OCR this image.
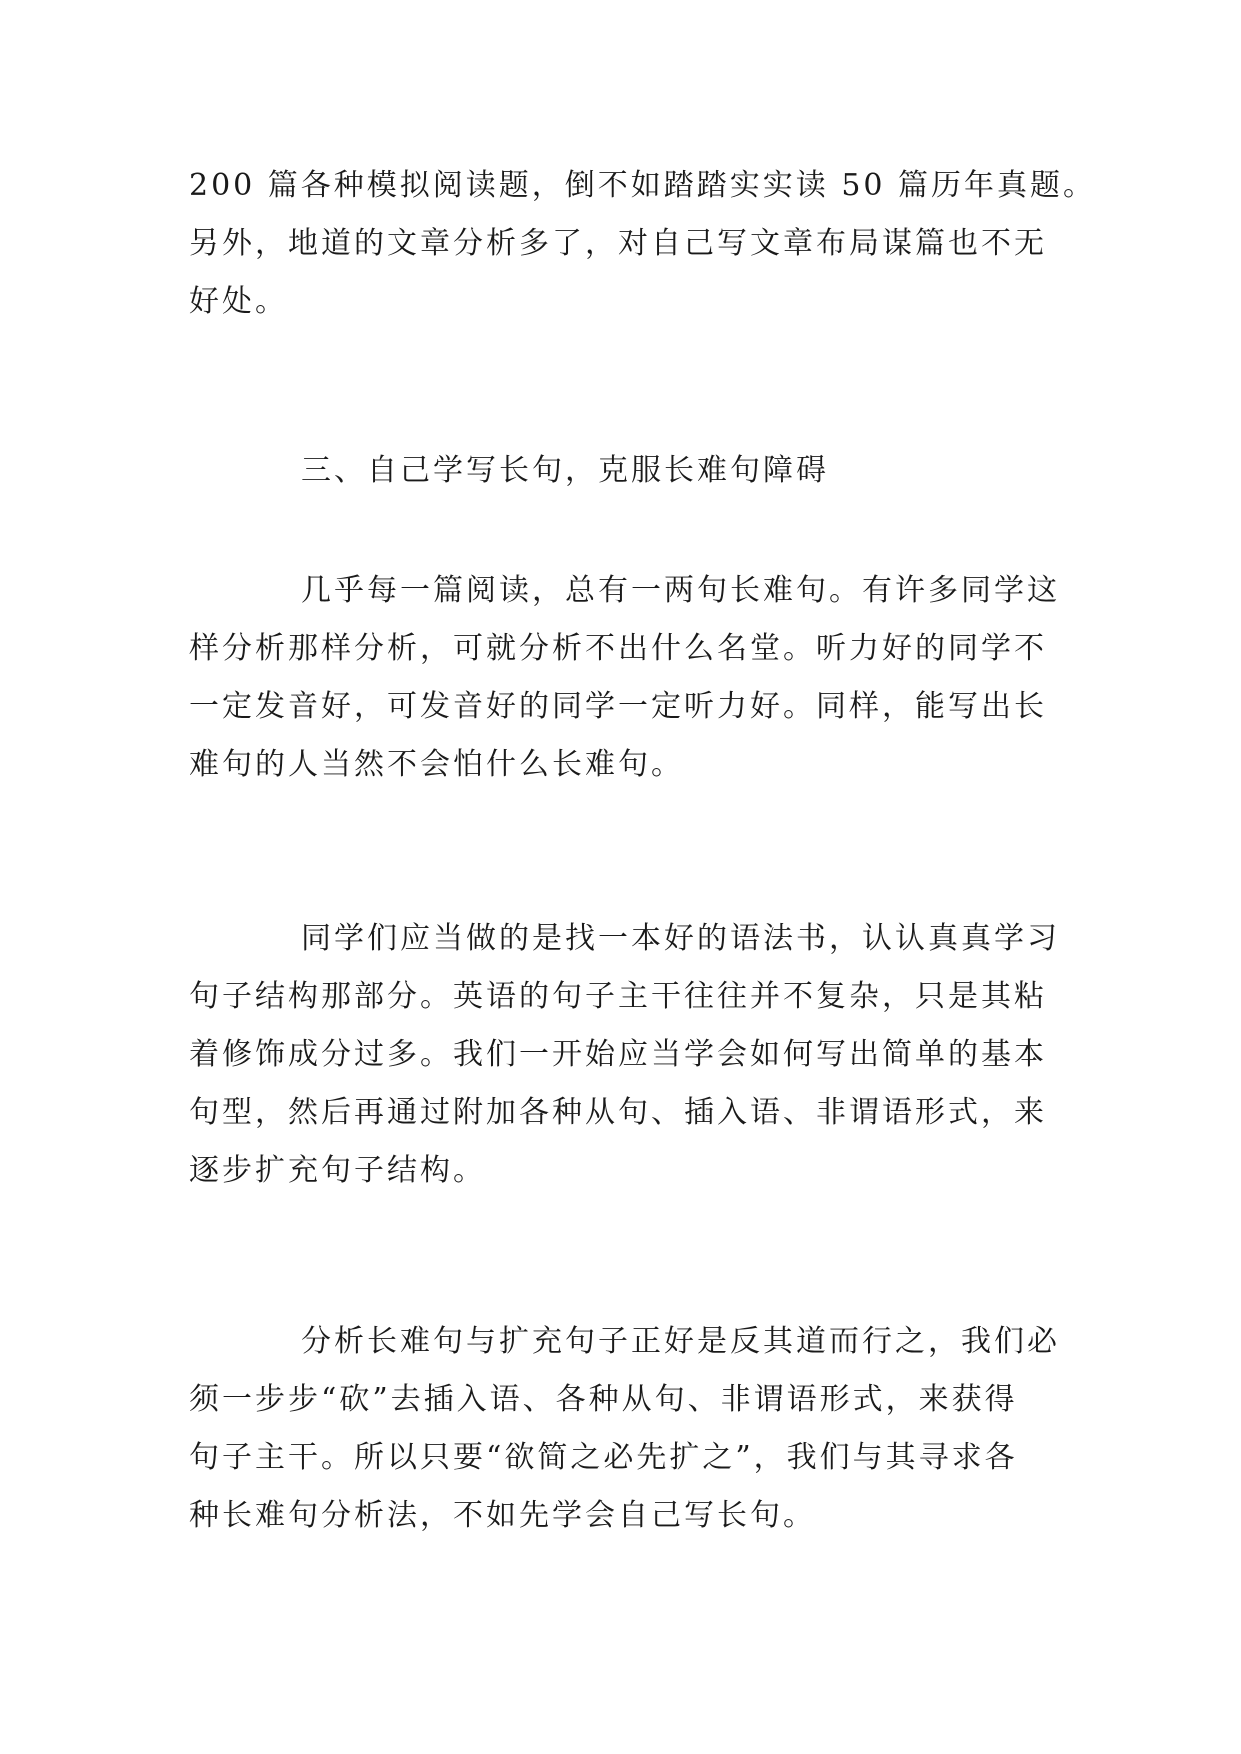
200 篇各种模拟阅读题，倒不如踏踏实实读 50 篇历年真题。
另外，地道的文章分析多了，对自己写文章布局谋篇也不无
好处。
三、自己学写长句，克服长难句障碍
几乎每一篇阅读，总有一两句长难句。有许多同学这
样分析那样分析，可就分析不出什么名堂。听力好的同学不
一定发音好，可发音好的同学一定听力好。同样，能写出长
难句的人当然不会怕什么长难句。
同学们应当做的是找一本好的语法书，认认真真学习
句子结构那部分。英语的句子主干往往并不复杂，只是其粘
着修饰成分过多。我们一开始应当学会如何写出简单的基本
句型，然后再通过附加各种从句、插入语、非谓语形式，来
逐步扩充句子结构。
分析长难句与扩充句子正好是反其道而行之，我们必
须一步步“砍”去插入语、各种从句、非谓语形式，来获得
句子主干。所以只要“欲简之必先扩之”，我们与其寻求各
种长难句分析法，不如先学会自己写长句。
